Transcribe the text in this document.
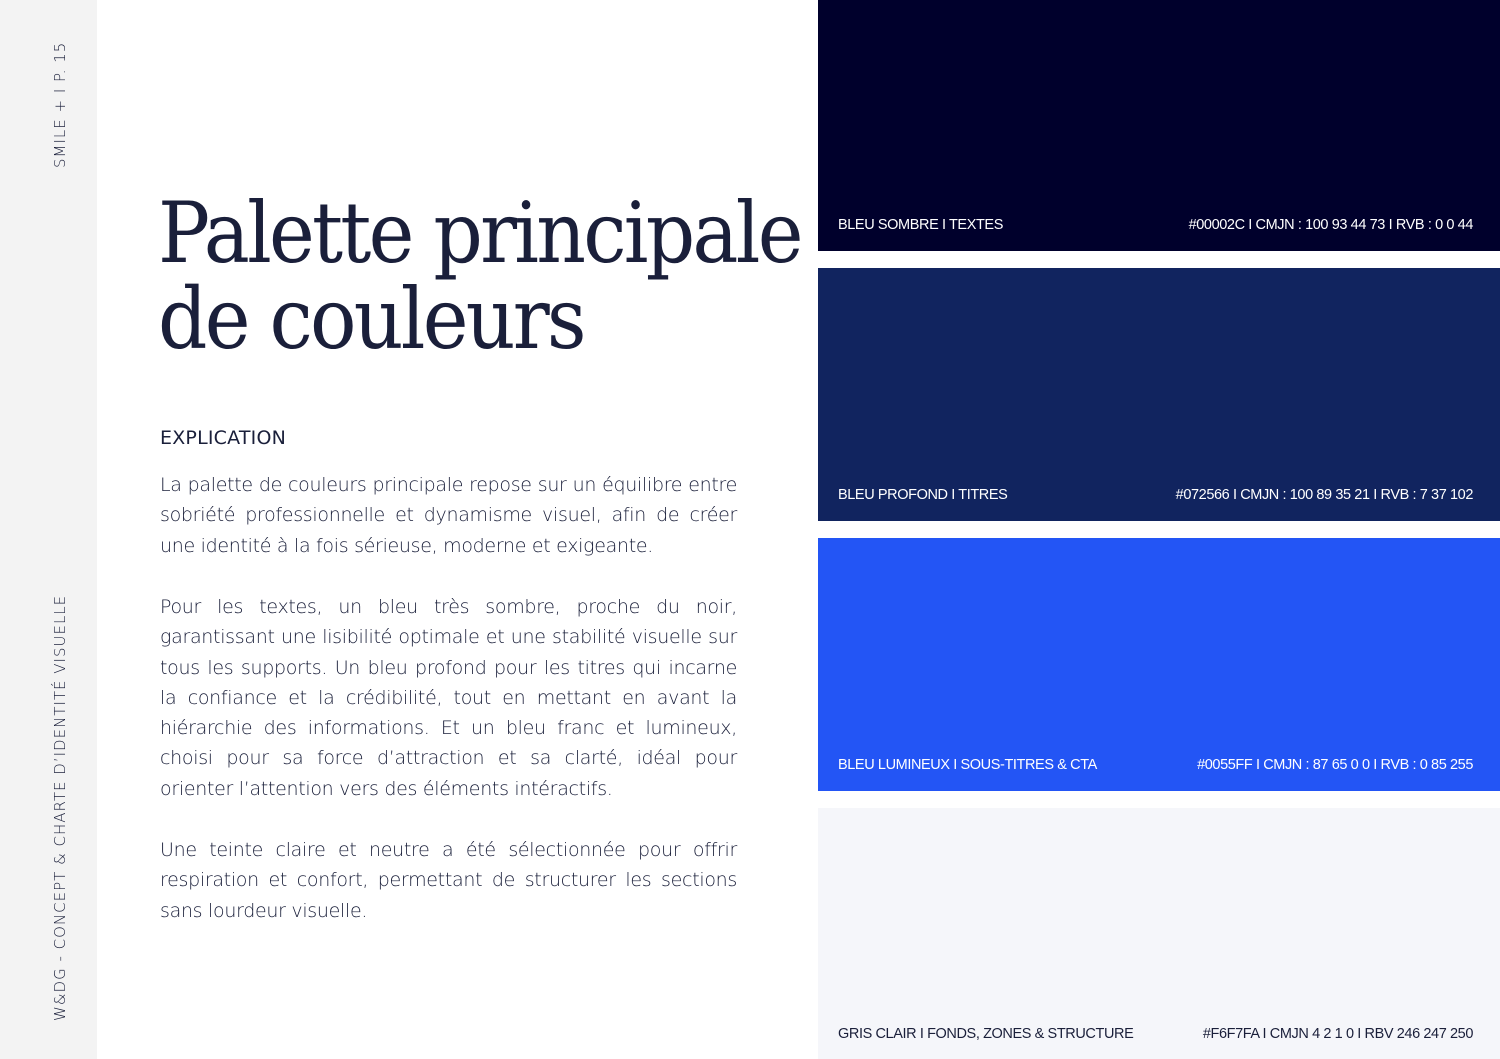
SMILE + I P. 15
W&DG - CONCEPT & CHARTE D’IDENTITÉ VISUELLE
Palette principale
de couleurs
EXPLICATION

La palette de couleurs principale repose sur un équilibre entre sobriété professionnelle et dynamisme visuel, afin de créer une identité à la fois sérieuse, moderne et exigeante.

Pour les textes, un bleu très sombre, proche du noir, garantissant une lisibilité optimale et une stabilité visuelle sur tous les supports. Un bleu profond pour les titres qui incarne la confiance et la crédibilité, tout en mettant en avant la hiérarchie des informations. Et un bleu franc et lumineux, choisi pour sa force d’attraction et sa clarté, idéal pour orienter l’attention vers des éléments intéractifs.

Une teinte claire et neutre a été sélectionnée pour offrir respiration et confort, permettant de structurer les sections sans lourdeur visuelle.

BLEU SOMBRE I TEXTES	#00002C I CMJN : 100 93 44 73 I RVB : 0 0 44
BLEU PROFOND I TITRES	#072566 I CMJN : 100 89 35 21 I RVB : 7 37 102
BLEU LUMINEUX I SOUS-TITRES & CTA	#0055FF I CMJN : 87 65 0 0 I RVB : 0 85 255
GRIS CLAIR I FONDS, ZONES & STRUCTURE	#F6F7FA I CMJN 4 2 1 0 I RBV 246 247 250
